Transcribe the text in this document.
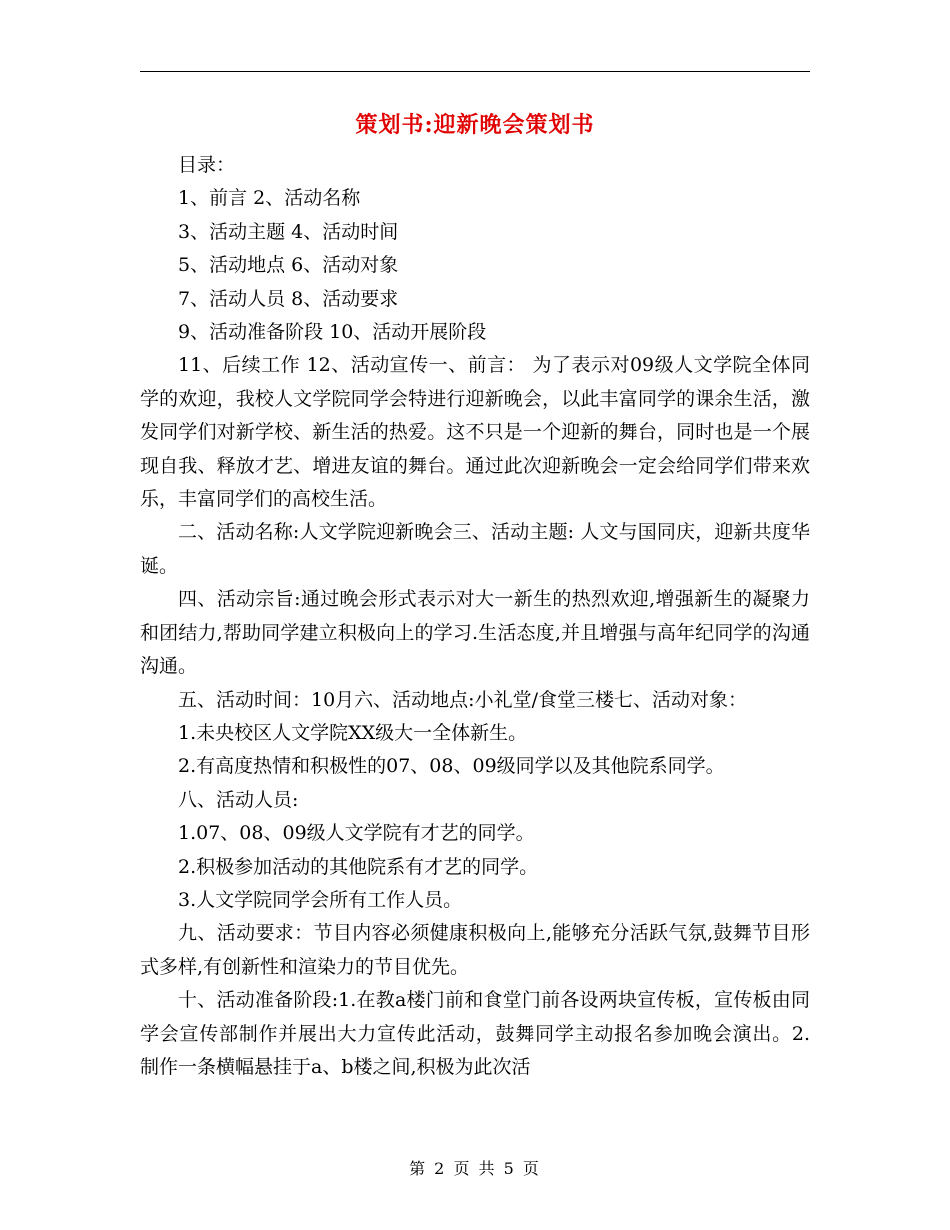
策划书:迎新晚会策划书

目录：

1、前言 2、活动名称

3、活动主题 4、活动时间

5、活动地点 6、活动对象

7、活动人员 8、活动要求

9、活动准备阶段 10、活动开展阶段

11、后续工作 12、活动宣传一、前言： 为了表示对09级人文学院全体同学的欢迎，我校人文学院同学会特进行迎新晚会，以此丰富同学的课余生活，激发同学们对新学校、新生活的热爱。这不只是一个迎新的舞台，同时也是一个展现自我、释放才艺、增进友谊的舞台。通过此次迎新晚会一定会给同学们带来欢乐，丰富同学们的高校生活。

二、活动名称:人文学院迎新晚会三、活动主题: 人文与国同庆，迎新共度华诞。

四、活动宗旨:通过晚会形式表示对大一新生的热烈欢迎,增强新生的凝聚力和团结力,帮助同学建立积极向上的学习.生活态度,并且增强与高年纪同学的沟通沟通。

五、活动时间：10月六、活动地点:小礼堂/食堂三楼七、活动对象：

1.未央校区人文学院XX级大一全体新生。

2.有高度热情和积极性的07、08、09级同学以及其他院系同学。

八、活动人员:

1.07、08、09级人文学院有才艺的同学。

2.积极参加活动的其他院系有才艺的同学。

3.人文学院同学会所有工作人员。

九、活动要求：节目内容必须健康积极向上,能够充分活跃气氛,鼓舞节目形式多样,有创新性和渲染力的节目优先。

十、活动准备阶段:1.在教a楼门前和食堂门前各设两块宣传板，宣传板由同学会宣传部制作并展出大力宣传此活动，鼓舞同学主动报名参加晚会演出。2. 制作一条横幅悬挂于a、b楼之间,积极为此次活

第 2 页 共 5 页
